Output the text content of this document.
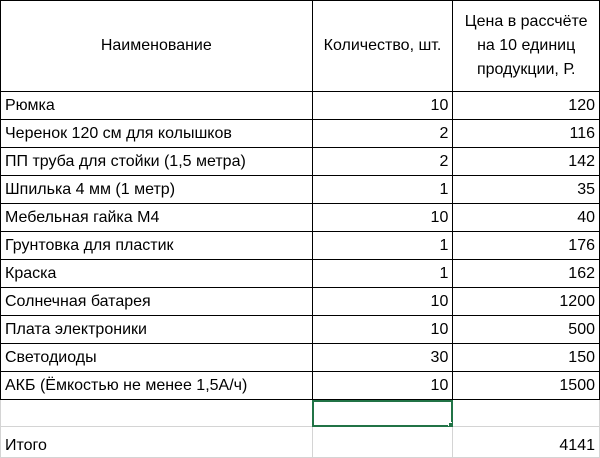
Наименование	Количество, шт.	Цена в рассчёте на 10 единиц продукции, Р.
Рюмка	10	120
Черенок 120 см для колышков	2	116
ПП труба для стойки (1,5 метра)	2	142
Шпилька 4 мм (1 метр)	1	35
Мебельная гайка М4	10	40
Грунтовка для пластик	1	176
Краска	1	162
Солнечная батарея	10	1200
Плата электроники	10	500
Светодиоды	30	150
АКБ (Ёмкостью не менее 1,5А/ч)	10	1500

Итого		4141
